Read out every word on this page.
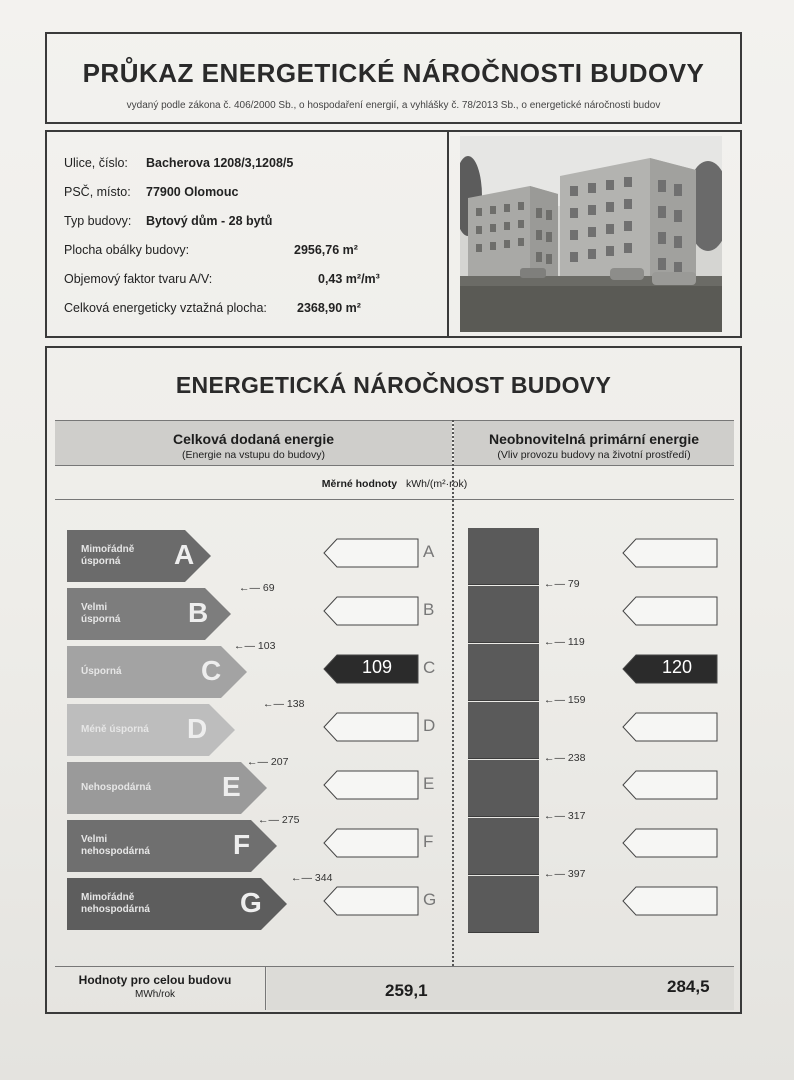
PRŮKAZ ENERGETICKÉ NÁROČNOSTI BUDOVY
vydaný podle zákona č. 406/2000 Sb., o hospodaření energií, a vyhlášky č. 78/2013 Sb., o energetické náročnosti budov
Ulice, číslo: Bacherova 1208/3,1208/5
PSČ, místo: 77900 Olomouc
Typ budovy: Bytový dům - 28 bytů
Plocha obálky budovy:	2956,76 m²
Objemový faktor tvaru A/V:	0,43 m²/m³
Celková energeticky vztažná plocha: 2368,90 m²
ENERGETICKÁ NÁROČNOST BUDOVY
Celková dodaná energie
(Energie na vstupu do budovy)
Neobnovitelná primární energie
(Vliv provozu budovy na životní prostředí)
Měrné hodnoty kWh/(m²·rok)
Hodnoty pro celou budovu
MWh/rok	259,1	284,5
Mimořádně
úsporná	A	A
Velmi
úsporná B	B
Úsporná	C	109	C	120
Méně úsporná D	D
Nehospodárná	E	E
Velmi
nehospodárná	F	F
Mimořádně
nehospodárná	G	G
←— 69
←— 103
←— 138
←— 207
←— 275
←— 344
←— 79
←— 119
←— 159
←— 238
←— 317
←— 397
